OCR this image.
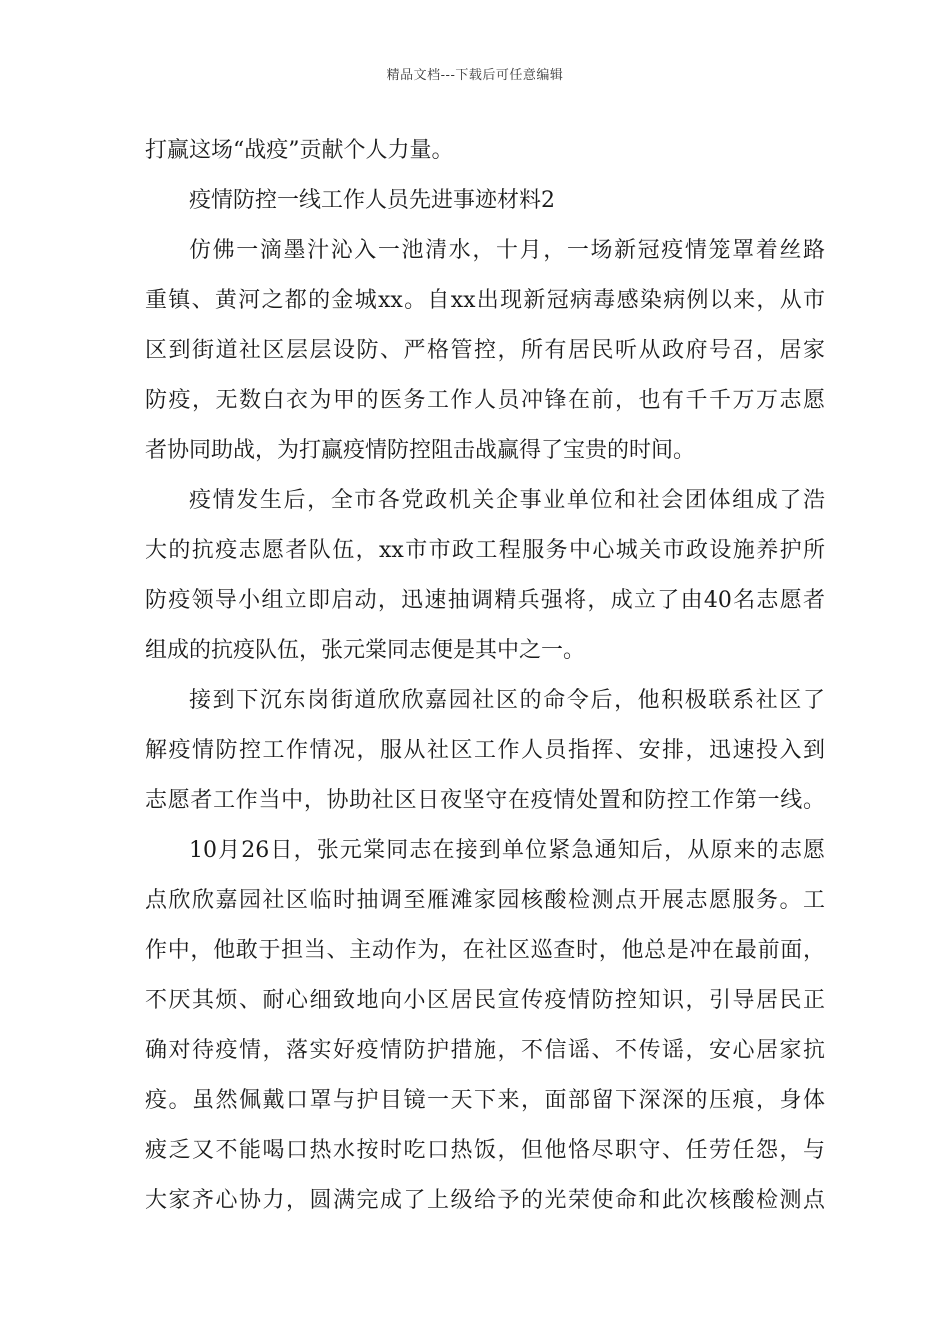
精品文档---下载后可任意编辑
打赢这场“战疫”贡献个人力量。
疫情防控一线工作人员先进事迹材料2
仿佛一滴墨汁沁入一池清水，十月，一场新冠疫情笼罩着丝路
重镇、黄河之都的金城xx。自xx出现新冠病毒感染病例以来，从市
区到街道社区层层设防、严格管控，所有居民听从政府号召，居家
防疫，无数白衣为甲的医务工作人员冲锋在前，也有千千万万志愿
者协同助战，为打赢疫情防控阻击战赢得了宝贵的时间。
疫情发生后，全市各党政机关企事业单位和社会团体组成了浩
大的抗疫志愿者队伍，xx市市政工程服务中心城关市政设施养护所
防疫领导小组立即启动，迅速抽调精兵强将，成立了由40名志愿者
组成的抗疫队伍，张元棠同志便是其中之一。
接到下沉东岗街道欣欣嘉园社区的命令后，他积极联系社区了
解疫情防控工作情况，服从社区工作人员指挥、安排，迅速投入到
志愿者工作当中，协助社区日夜坚守在疫情处置和防控工作第一线。
10月26日，张元棠同志在接到单位紧急通知后，从原来的志愿
点欣欣嘉园社区临时抽调至雁滩家园核酸检测点开展志愿服务。工
作中，他敢于担当、主动作为，在社区巡查时，他总是冲在最前面，
不厌其烦、耐心细致地向小区居民宣传疫情防控知识，引导居民正
确对待疫情，落实好疫情防护措施，不信谣、不传谣，安心居家抗
疫。虽然佩戴口罩与护目镜一天下来，面部留下深深的压痕，身体
疲乏又不能喝口热水按时吃口热饭，但他恪尽职守、任劳任怨，与
大家齐心协力，圆满完成了上级给予的光荣使命和此次核酸检测点
